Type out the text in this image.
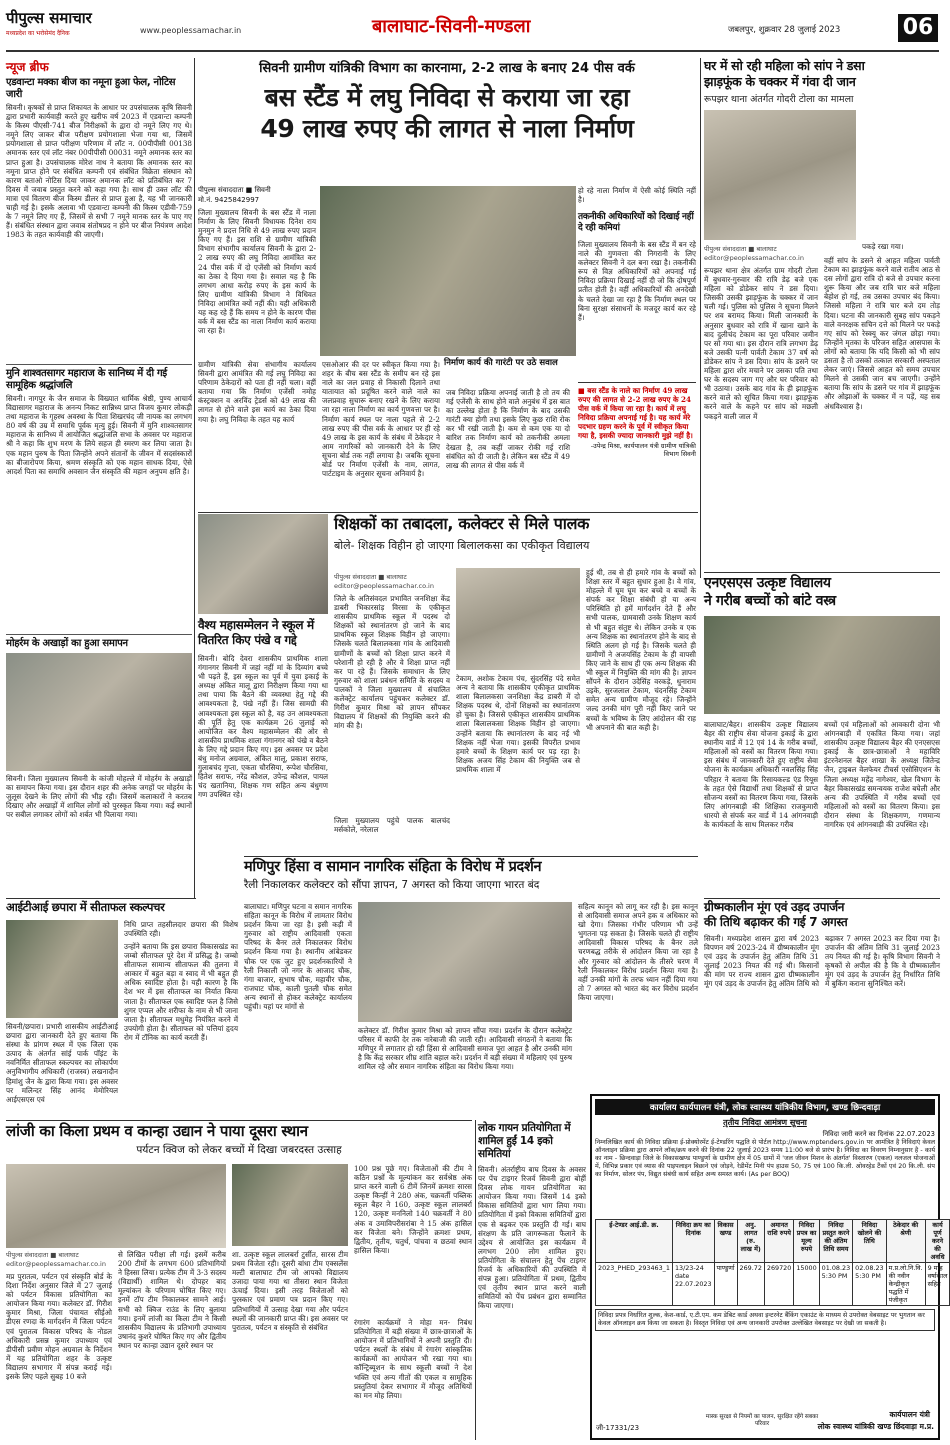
पीपुल्स समाचार
मध्यप्रदेश का भरोसेमंद दैनिक	www.peoplessamachar.in	बालाघाट-सिवनी-मण्डला	जबलपुर, शुक्रवार 28 जुलाई 2023	06
न्यूज ब्रीफ
एडवान्टा मक्का बीज का नमूना हुआ फेल, नोटिस जारी
सिवनी। कृषकों से प्राप्त शिकायत के आधार पर उपसंचालक कृषि सिवनी द्वारा प्रभारी कार्यवाही करते हुए खरीफ वर्ष 2023 में एडवान्टा कम्पनी के किस्म पीएसी-741 बीज निरीक्षकों के द्वारा दो नमूने लिए गए थे। नमूने लिए जाकर बीज परीक्षण प्रयोगशाला भेजा गया था, जिसमें प्रयोगशाला से प्राप्त परीक्षण परिणाम में लॉट न. 00पीपीसी 00138 अमानक स्तर एवं लॉट नंबर 00पीपीसी 00031 नमूने अमानक स्तर का प्राप्त हुआ है। उपसंचालक मोरेश नाथ ने बताया कि अमानक स्तर का नमूना प्राप्त होने पर संबंधित कम्पनी एवं संबंधित विक्रेता संस्थान को कारण बताओ नोटिस दिया जाकर अमानक लॉट को प्रतिबंधित कर 7 दिवस में जवाब प्रस्तुत करने को कहा गया है। साथ ही उक्त लॉट की मात्रा एवं वितरण बीज किस्म डीलर से प्राप्त हुआ है, यह भी जानकारी चाही गई है। इसके अलावा भी एडवान्टा कम्पनी की किस्म एडीवी-759 के 7 नमूने लिए गए हैं, जिसमें से सभी 7 नमूने मानक स्तर के पाए गए हैं। संबंधित संस्थान द्वारा जवाब संतोषप्रद न होने पर बीज नियंत्रण आदेश 1983 के तहत कार्यवाही की जाएगी।
मुनि शाश्वतसागर महाराज के सानिध्य में दी गई सामूहिक श्रद्धांजलि
सिवनी। नागपुर के जैन समाज के विख्यात धार्मिक श्रेष्ठी, पुण्य आचार्य विद्यासागर महाराज के अनन्य निकट सान्निध्य प्राप्त विजय कुमार लोकड़ी तथा महाराज के गृहस्थ अवस्था के पिता शिखरचंद जी नायक का लगभग 80 वर्ष की उम्र में समाधि पूर्वक मृत्यु हुई। सिवनी में मुनि शाश्वतसागर महाराज के सानिध्य में आयोजित श्रद्धांजलि सभा के अवसर पर महाराज श्री ने कहा कि शुभ मरण के लिये सहज ही स्मरण कर लिया जाता है। एक महान पुरुष के पिता जिन्होंने अपने संतानों के जीवन में सदसंस्कारों का बीजारोपण किया, श्रमण संस्कृति को एक महान साधक दिया, ऐसे आदर्श पिता का समाधि अवसान जैन संस्कृति की महान अनुपम क्षति है।
मोहर्रम के अखाड़ों का हुआ समापन
सिवनी। जिला मुख्यालय सिवनी के कांजी मोहल्ले में मोहर्रम के अखाड़ों का समापन किया गया। इस दौरान शहर की अनेक जगहों पर मोहर्रम के जुलूस देखने के लिए लोगों की भीड़ रही। जिसमें कलाकारों ने करतब दिखाए और अखाड़ों में शामिल लोगों को पुरस्कृत किया गया। कई स्थानों पर सबील लगाकर लोगों को शर्बत भी पिलाया गया।
सिवनी ग्रामीण यांत्रिकी विभाग का कारनामा, 2-2 लाख के बनाए 24 पीस वर्क
बस स्टैंड में लघु निविदा से कराया जा रहा
49 लाख रुपए की लागत से नाला निर्माण
पीपुल्स संवाददाता ■ सिवनी
मो.नं. 9425842997
निर्माण कार्य की गारंटी पर उठे सवाल
जिला मुख्यालय सिवनी के बस स्टैंड में नाला निर्माण के लिए सिवनी विधायक दिनेश राय मुनमुन ने प्रदत्त निधि से 49 लाख रुपए प्रदान किए गए हैं। इस राशि से ग्रामीण यांत्रिकी विभाग संभागीय कार्यालय सिवनी के द्वारा 2-2 लाख रुपए की लघु निविदा आमंत्रित कर 24 पीस वर्क में दो एजेंसी को निर्माण कार्य का ठेका दे दिया गया है। सवाल यह है कि लगभग आधा करोड़ रुपए के इस कार्य के लिए ग्रामीण यांत्रिकी विभाग ने विधिवत निविदा आमंत्रित क्यों नहीं की। यही अधिकारी यह कह रहे हैं कि समय न होने के कारण पीस वर्क में बस स्टैंड का नाला निर्माण कार्य कराया जा रहा है।
ग्रामीण यांत्रिकी सेवा संभागीय कार्यालय सिवनी द्वारा आमंत्रित की गई लघु निविदा का परिणाम ठेकेदारों को पता ही नहीं चला। वहीं बताया गया कि निर्माण एजेंसी नमोह कंस्ट्रक्शन व अरविंद ट्रेडर्स को 49 लाख की लागत से होने वाले इस कार्य का ठेका दिया गया है। लघु निविदा के तहत यह कार्य
एसओआर की दर पर स्वीकृत किया गया है। शहर के बीच बस स्टैंड के समीप बन रहे इस नाले का जल प्रवाह से निकासी दिलाने तथा यातायात को प्रदूषित करने वाले नाले का जलप्रवाह सुचारू बनाए रखने के लिए कराया जा रहा नाला निर्माण का कार्य गुणवत्ता पर है। निर्माण कार्य स्थल पर नाला पहले से 2-2 लाख रुपए की पीस वर्क के आधार पर ही रहे 49 लाख के इस कार्य के संबंध में ठेकेदार ने आम नागरिकों को जानकारी देने के लिए सूचना बोर्ड तक नहीं लगाया है। जबकि सूचना बोर्ड पर निर्माण एजेंसी के नाम, लागत, पार्टटाइम के अनुसार सूचना अनिवार्य है।
जब निविदा प्रक्रिया अपनाई जाती है तो तय की गई एजेंसी के साथ होने वाले अनुबंध में इस बात का उल्लेख होता है कि निर्माण के बाद उसकी गारंटी क्या होगी तथा इसके लिए कुछ राशि रोक कर भी रखी जाती है। कम से कम एक या दो बारिश तक निर्माण कार्य को तकनीकी अमला देखता है, तब कहीं जाकर रोकी गई राशि संबंधित को दी जाती है। लेकिन बस स्टैंड में 49 लाख की लागत से पीस वर्क में
हो रहे नाला निर्माण में ऐसी कोई स्थिति नहीं है।
तकनीकी अधिकारियों को दिखाई नहीं दे रही कमियां
जिला मुख्यालय सिवनी के बस स्टैंड में बन रहे नाले की गुणवत्ता की निगरानी के लिए कलेक्टर सिवनी ने दल बना रखा है। तकनीकी रूप से विज्ञ अधिकारियों को अपनाई गई निविदा प्रक्रिया दिखाई नहीं दी जो कि दोषपूर्ण प्रतीत होती है। वहीं अधिकारियों की अनदेखी के चलते देखा जा रहा है कि निर्माण स्थल पर बिना सुरक्षा संसाधनों के मजदूर कार्य कर रहे हैं।
■ बस स्टैंड के नाले का निर्माण 49 लाख रुपए की लागत से 2-2 लाख रुपए के 24 पीस वर्क में किया जा रहा है। कार्य में लघु निविदा प्रक्रिया अपनाई गई है। यह कार्य मेरे पदभार ग्रहण करने के पूर्व में स्वीकृत किया गया है, इसकी ज्यादा जानकारी मुझे नहीं है।
-उपेन्द्र मिश्रा, कार्यपालन यंत्री ग्रामीण यांत्रिकी विभाग सिवनी
घर में सो रही महिला को सांप ने डसा
झाड़फूंक के चक्कर में गंवा दी जान
रूपझर थाना अंतर्गत गोदरी टोला का मामला
editor@peoplessamachar.co.in
पीपुल्स संवाददाता ■ बालाघाट	पकड़े रखा गया।
रूपझर थाना क्षेत्र अंतर्गत ग्राम गोदरी टोला में बुधवार-गुरुवार की रात्रि डेढ़ बजे एक महिला को डोडेकर सांप ने डस दिया। जिसकी उसकी झाड़फूंक के चक्कर में जान चली गई। पुलिस को पुलिस ने सूचना मिलने पर शव बरामद किया। मिली जानकारी के अनुसार बुधवार को रात्रि में खाना खाने के बाद दुलीचंद टेकाम का पूरा परिवार जमीन पर सो गया था। इस दौरान रात्रि लगभग डेढ़ बजे उसकी पत्नी पार्वती टेकाम 37 वर्ष को डोडेकर सांप ने डस दिया। सांप के डसने पर महिला द्वारा शोर मचाने पर उसका पति तथा घर के सदस्य जाग गए और घर परिवार को भी उठाया। उसके बाद गांव के ही झाड़फूंक करने वाले को सूचित किया गया। झाड़फूंक करने वाले के कहने पर सांप को मछली पकड़ने वाली जाल में
वहीं सांप के डसने से आहत महिला पार्वती टेकाम का झाड़फूंक करने वाले रातीय आठ से दस लोगों द्वारा रात्रि दो बजे से उपचार करना शुरू किया और जब रात्रि चार बजे महिला बेहोश हो गई, तब उसका उपचार बंद किया। जिससे महिला ने रात्रि चार बजे दम तोड़ दिया। घटना की जानकारी सुबह सांप पकड़ने वाले वनरक्षक सचिन दत्ते को मिलने पर पकड़े गए सांप को रेस्क्यू कर जंगल छोड़ा गया। जिन्होंने मृतका के परिजन सहित आसपास के लोगों को बताया कि यदि किसी को भी सांप डसता है तो उसको तत्काल सरकारी अस्पताल लेकर जाएं। जिससे आहत को समय उपचार मिलने से उसकी जान बच जाएगी। उन्होंने बताया कि सांप के डसने पर गांव में झाड़फूंक और ओझाओं के चक्कर में न पड़ें, यह सब अंधविश्वास है।
शिक्षकों का तबादला, कलेक्टर से मिले पालक
बोले- शिक्षक विहीन हो जाएगा बिलालकसा का एकीकृत विद्यालय
पीपुल्स संवाददाता ■ बालाघाट
editor@peoplessamachar.co.in
जिले के अतिसंवदल प्रभावित जनशिक्षा केंद्र डाबरी भिकारसांड़ विरसा के एकीकृत शासकीय प्राथमिक स्कूल में पदस्थ दो शिक्षकों को स्थानांतरण हो जाने के बाद प्राथमिक स्कूल शिक्षक विहीन हो जाएगा। जिसके चलते बिलालकसा गांव के आदिवासी ग्रामीणों के बच्चों को शिक्षा प्राप्त करने में परेशानी हो रही है और वे शिक्षा प्राप्त नहीं कर पा रहे हैं। जिसके समाधान के लिए गुरुवार को शाला प्रबंधन समिति के सदस्य व पालकों ने जिला मुख्यालय में संचालित कलेक्ट्रेट कार्यालय पहुंचकर कलेक्टर डॉ. गिरीश कुमार मिश्रा को ज्ञापन सौंपकर विद्यालय में शिक्षकों की नियुक्ति करने की मांग की है।
जिला मुख्यालय पहुंचे पालक बालचंद मर्सकोले, नरेलाल
टेकाम, अशोक टेकाम पंच, सुंदरसिंह पंदे समेत अन्य ने बताया कि शासकीय एकीकृत प्राथमिक शाला बिलालकसा जनशिक्षा केंद्र डाबरी में दो शिक्षक पदस्थ थे, दोनों शिक्षकों का स्थानांतरण हो चुका है। जिससे एकीकृत शासकीय प्राथमिक शाला बिलालकसा शिक्षक विहीन हो जाएगा। उन्होंने बताया कि स्थानांतरण के बाद नई भी शिक्षक नहीं भेजा गया। इसकी विपरीत प्रभाव हमारे बच्चों के शिक्षण कार्य पर पड़ रहा है। शिक्षक अजय सिंह टेकाम की नियुक्ति जब से प्राथमिक शाला में
हुई थी, तब से ही हमारे गांव के बच्चों को शिक्षा स्तर में बहुत सुधार हुआ है। वे गांव, मोहल्ले में घूम घूम कर बच्चे व बच्चों के संपर्क कर शिक्षा संबंधी हो या अन्य परिस्थिति हो हमें मार्गदर्शन देते हैं और सभी पालक, ग्रामवासी उनके शिक्षण कार्य से भी बहुत संतुष्ट थे। लेकिन उनके व एक अन्य शिक्षक का स्थानांतरण होने के बाद से स्थिति अलग हो गई है। जिसके चलते ही ग्रामीणों ने अजयसिंह टेकाम के ही वापसी किए जाने के साथ ही एक अन्य शिक्षक की भी स्कूल में नियुक्ति की मांग की है। ज्ञापन सौंपने के दौरान उदेसिंह वरकड़े, धुनाराम उइके, सुरजलाल टेकाम, चंदनसिंह टेकाम समेत अन्य ग्रामीण मौजूद रहे। जिन्होंने जल्द उनकी मांग पूरी नहीं किए जाने पर बच्चों के भविष्य के लिए आंदोलन की राह भी अपनाने की बात कही है।
वैश्य महासम्मेलन ने स्कूल में वितरित किए पंखे व गद्दे
सिवनी। बोदि देवरा शासकीय प्राथमिक शाला गंगानगर सिवनी में जहां नहीं मां के दिव्यांग बच्चे भी पढ़ते हैं, इस स्कूल का पूर्व में युवा इकाई के अध्यक्ष अंकित मालू द्वारा निरीक्षण किया गया था तथा पाया कि बैठने की व्यवस्था हेतु गद्दे की आवश्यकता है, पंखे नहीं हैं। जिस सामग्री की आवश्यकता इस स्कूल को है, वह उन आवश्यकता की पूर्ति हेतु एक कार्यक्रम 26 जुलाई को आयोजित कर वैश्य महासम्मेलन की ओर से शासकीय प्राथमिक शाला गंगानगर को पंखे व बैठने के लिए गद्दे प्रदान किए गए। इस अवसर पर प्रदेश बंधु मनोज अग्रवाल, अंकित मालू, प्रकाश सराफ, गुलाबचंद गुप्ता, एकता चौरसिया, रूपेश चौरसिया, हितेश सराफ, नरेंद्र कौशल, उपेन्द्र कौशल, पायल चंद खतानिया, शिक्षक गण सहित अन्य बंधुगण गण उपस्थित रहे।
एनएसएस उत्कृष्ट विद्यालय
ने गरीब बच्चों को बांटे वस्त्र
बालाघाट/बैहर। शासकीय उत्कृष्ट विद्यालय बैहर की राष्ट्रीय सेवा योजना इकाई के द्वारा स्थानीय वार्ड में 12 एवं 14 के गरीब बच्चों, महिलाओं को वस्त्रों का वितरण किया गया। इस संबंध में जानकारी देते हुए राष्ट्रीय सेवा योजना के कार्यक्रम अधिकारी नवलसिंह सिंह परिहार ने बताया कि रिसायकल्ड एंड रियूस के तहत ऐसे विद्यार्थी तथा शिक्षकों से प्राप्त सौजन्य वस्त्रों का वितरण किया गया, जिसके लिए आंगनबाड़ी की शिक्षिका राजकुमारी धारयो से संपर्क कर वार्ड में 14 आंगनवाड़ी के कार्यकर्ता के साथ मिलकर गरीब
बच्चों एवं महिलाओं को आवकारी दोना भी आंगनबाड़ी में एकत्रित किया गया। जहां शासकीय उत्कृष्ट विद्यालय बैहर की एनएसएस इकाई के छात्र-छात्राओं ने महाविरि इंटरनेशनल बैहर शाखा के अध्यक्ष जितेन्द्र जैन, ट्राइबल वेलफेयर टीचर्स एसोसिएशन के जिला अध्यक्ष महेंद्र नागेश्वर, खेल विभाग के बैहर विकासखंड समन्वयक राजेश बघेली और अन्य की उपस्थिति में गरीब बच्चों एवं महिलाओं को वस्त्रों का वितरण किया। इस दौरान संस्था के शिक्षकगण, गणमान्य नागरिक एवं आंगनबाड़ी की उपस्थित रहे।
आईटीआई छपारा में सीताफल स्कल्पचर
सिवनी/छपारा। प्रभारी शासकीय आईटीआई छपारा द्वारा जानकारी देते हुए बताया कि संस्था के प्रांगण स्थल में एक जिला एक उत्पाद के अंतर्गत सांई पार्क पॉइंट के नवनिर्मित सीताफल स्कल्पचर का लोकार्पण अनुविभागीय अधिकारी (राजस्व) लखनादौन हिमांशु जैन के द्वारा किया गया। इस अवसर पर मलिन्दर सिंह आनंद मेमोरियल आईएसएस एवं
निधि प्राप्त तहसीलदार छपारा की विशेष उपस्थिति रही।
उन्होंने बताया कि इस छपारा विकासखंड का जम्बो सीताफल पूरे देश में प्रसिद्ध है। जम्बो सीताफल सामान्य सीताफल की तुलना में आकार में बहुत बड़ा व स्वाद में भी बहुत ही अधिक स्वादिष्ट होता है। यही कारण है कि देश भर में इस सीताफल का निर्यात किया जाता है। सीताफल एक स्वादिष्ट फल है जिसे शुगर एप्पल और शरीफा के नाम से भी जाना जाता है। सीताफल मधुमेह नियंत्रित करने में उपयोगी होता है। सीताफल को पत्तियां हृदय रोग में टॉनिक का कार्य करती हैं।
मणिपुर हिंसा व सामान नागरिक संहिता के विरोध में प्रदर्शन
रैली निकालकर कलेक्टर को सौंपा ज्ञापन, 7 अगस्त को किया जाएगा भारत बंद
बालाघाट। मणिपुर घटना व समान नागरिक संहिता कानून के विरोध में लामतार विरोध प्रदर्शन किया जा रहा है। इसी कड़ी में गुरुवार को राष्ट्रीय आदिवासी एकता परिषद के बैनर तले निकालकर विरोध प्रदर्शन किया गया है। स्थानीय आंबेडकर चौक पर एक जुट हुए प्रदर्शनकारियों ने रैली निकाली जो नगर के आजाद चौक, गंगा बाजार, सुभाष चौक, महावीर चौक, राजघाट चौक, काली पुतली चौक समेत अन्य स्थानों से होकर कलेक्ट्रेट कार्यालय पहुंची। यहां पर मांगों से
कलेक्टर डॉ. गिरीश कुमार मिश्रा को ज्ञापन सौंपा गया। प्रदर्शन के दौरान कलेक्ट्रेट परिसर में काफी देर तक नारेबाजी की जाती रही। आदिवासी संगठनों ने बताया कि मणिपुर में लगातार हो रही हिंसा से आदिवासी समाज पूरा आहत है और उनकी मांग है कि केंद्र सरकार शीघ्र शांति बहाल करे। प्रदर्शन में बड़ी संख्या में महिलाएं एवं पुरुष शामिल रहे और समान नागरिक संहिता का विरोध किया गया।
सहित्य कानून को लागू कर रही है। इस कानून से आदिवासी समाज अपने हक व अधिकार को खो देगा। जिसका गंभीर परिणाम भी उन्हें भुगतना पड़ सकता है। जिसके चलते ही राष्ट्रीय आदिवासी विकास परिषद के बैनर तले चरणबद्ध तरीके से आंदोलन किया जा रहा है और गुरुवार को आंदोलन के तीसरे चरण में रैली निकालकर विरोध प्रदर्शन किया गया है। वहीं उनकी मांगों के तरफ ध्यान नहीं दिया गया तो 7 अगस्त को भारत बंद कर विरोध प्रदर्शन किया जाएगा।
ग्रीष्मकालीन मूंग एवं उड़द उपार्जन
की तिथि बढ़ाकर की गई 7 अगस्त
सिवनी। मध्यप्रदेश शासन द्वारा वर्ष 2023 विपणन वर्ष 2023-24 में ग्रीष्मकालीन मूंग एवं उड़द के उपार्जन हेतु अंतिम तिथि 31 जुलाई 2023 नियत की गई थी। किसानों की मांग पर राज्य शासन द्वारा ग्रीष्मकालीन मूंग एवं उड़द के उपार्जन हेतु अंतिम तिथि को बढ़ाकर 7 अगस्त 2023 कर दिया गया है। उपार्जन की अंतिम तिथि 31 जुलाई 2023 तय नियत की गई है। कृषि विभाग सिवनी ने कृषकों से अपील की है कि वे ग्रीष्मकालीन मूंग एवं उड़द के उपार्जन हेतु निर्धारित तिथि में बुकिंग कराना सुनिश्चित करें।
लांजी का किला प्रथम व कान्हा उद्यान ने पाया दूसरा स्थान
पर्यटन क्विज को लेकर बच्चों में दिखा जबरदस्त उत्साह
पीपुल्स संवाददाता ■ बालाघाट
editor@peoplessamachar.co.in
मप्र पुरातत्व, पर्यटन एवं संस्कृति बोर्ड के दिशा निर्देश अनुसार जिले में 27 जुलाई को पर्यटन विकास प्रतियोगिता का आयोजन किया गया। कलेक्टर डॉ. गिरीश कुमार मिश्रा, जिला पंचायत सीईओ डीएस रणदा के मार्गदर्शन में जिला पर्यटन एवं पुरातत्व विकास परिषद के नोडल अधिकारी प्रसन्न कुमार उपाध्याय एवं डीपीसी प्रवीण मोहन अग्रवाल के निर्देशन में यह प्रतियोगिता शहर के उत्कृष्ट विद्यालय सभागार में संपन्न कराई गई। इसके लिए पहले सुबह 10 बजे
से लिखित परीक्षा ली गई। इसमें करीब 200 टीमों के लगभग 600 प्रतिभागियों ने हिस्सा लिया। प्रत्येक टीम में 3-3 सदस्य (विद्यार्थी) शामिल थे। दोपहर बाद मूल्यांकन के परिणाम घोषित किए गए। इनमें टॉप टीम निकालकर सामने आई। सभी को क्विज राउंड के लिए बुलाया गया। इनमें लांजी का किला टीम ने किसी शासकीय विद्यालय के प्रतिभागी उपाध्याय उषानंद कुशरे घोषित किए गए और द्वितीय स्थान पर कान्हा उद्यान दूसरे स्थान पर
शा. उत्कृष्ट स्कूल लालबर्रा टुर्सीत, सारस टीम प्रथम विजेता रही। दूसरी बांधा टीम एक्सलेंस मल्टी बालाघाट टीम जो आपको विद्यालय उजादा पाया गया था तीसरा स्थान विजेता ऊंचाई दिया। इसी तरह विजेताओं को पुरस्कार एवं प्रमाण पत्र प्रदान किए गए। प्रतिभागियों में उत्साह देखा गया और पर्यटन स्थलों की जानकारी प्राप्त की। इस अवसर पर पुरातत्व, पर्यटन व संस्कृति से संबंधित
100 प्रश्न पूछे गए। विजेताओं की टीम ने कठिन प्रश्नों के मूल्यांकन कर सर्वश्रेष्ठ अंक प्राप्त करने वाली 6 टीमें जिनमें क्रमशः सारस उत्कृष्ट किन्हीं ने 280 अंक, चक्रवर्ती पब्लिक स्कूल बैहर ने 160, उत्कृष्ट स्कूल लालबर्रा 120, उत्कृष्ट मननिलो 140 चक्रवर्ती ने 80 अंक व उमाविपरीसरांबा ने 15 अंक हासिल कर विजेता बने। जिन्होंने क्रमशः प्रथम, द्वितीय, तृतीय, चतुर्थ, पांचवा व छठवां स्थान हासिल किया।
रंगारंग कार्यक्रमों ने मोहा मन- निबंध प्रतियोगिता में बड़ी संख्या में छात्र-छात्राओं के आयोजन में प्रतिभागियों ने अपनी प्रस्तुति दी। पर्यटन स्थलों के संबंध में रंगारंग सांस्कृतिक कार्यक्रमों का आयोजन भी रखा गया था। कॉन्ट्रिब्यूशन के साथ स्कूली बच्चों ने देश भक्ति एवं अन्य गीतों की एकल व सामूहिक प्रस्तुतियां देकर सभागार में मौजूद अतिथियों का मन मोह लिया।
लोक गायन प्रतियोगिता में शामिल हुईं 14 इको समितियां
सिवनी। अंतर्राष्ट्रीय बाघ दिवस के अवसर पर पेंच टाइगर रिजर्व सिवनी द्वारा बोहीं दिवस लोक गायन प्रतियोगिता का आयोजन किया गया। जिसमें 14 इको विकास समितियों द्वारा भाग लिया गया। प्रतियोगिता में इको विकास समितियों द्वारा एक से बढ़कर एक प्रस्तुति दी गई। बाघ संरक्षण के प्रति जागरूकता फैलाने के उद्देश्य से आयोजित इस कार्यक्रम में लगभग 200 लोग शामिल हुए। प्रतियोगिता के संचालन हेतु पेंच टाइगर रिजर्व के अधिकारियों की उपस्थिति में संपन्न हुआ। प्रतियोगिता में प्रथम, द्वितीय एवं तृतीय स्थान प्राप्त करने वाली समितियों को पेंच प्रबंधन द्वारा सम्मानित किया जाएगा।
कार्यालय कार्यपालन यंत्री, लोक स्वास्थ्य यांत्रिकीय विभाग, खण्ड छिन्दवाड़ा
तृतीय निविदा आमंत्रण सूचना
निविदा जारी करने का दिनांक 22.07.2023
निम्नलिखित कार्य की निविदा प्रक्रिया ई-प्रोक्योरमेंट ई-टेण्डरिंग पद्धति से पोर्टल http://www.mptenders.gov.in पर आमंत्रित है निविदाएं केवल ऑनलाइन प्रक्रिया द्वारा आपने लॉक/क्रय करने की दिनांक 22 जुलाई 2023 समय 11:00 बजे से प्रारंभ है। निविदा का विवरण निम्नानुसार है - कार्य का नाम - छिन्दवाड़ा जिले के विकासखण्ड पाण्डुर्णा के ग्रामीण क्षेत्र में 05 ग्रामों में 'जल जीवन मिशन के अंतर्गत' विस्तारण (एकल) नलजल योजनाओं में, विभिन्न प्रकार एवं व्यास की पाइपलाइन बिछाने एवं जोड़ने, रेडीमेंट मिनी पंप हाउस 50, 75 एवं 100 कि.ली. ओवरहेड टैंकों एवं 20 कि.ली. संप का निर्माण, सोलर पंप, विद्युत संबंधी कार्य सहित अन्य समस्त कार्य। (As per BOQ)
ई-टेण्डर आई.डी. क्र.	निविदा क्रय का दिनांक	विकास खण्ड	अनु. लागत (रु. लाख में)	अमानत राशि रुपये	निविदा प्रपत्र का मूल्य रुपये	निविदा प्रस्तुत करने की अंतिम तिथि समय	निविदा खोलने की तिथि	ठेकेदार की श्रेणी	कार्य पूर्ण करने की अवधि
2023_PHED_293463_1	13/23-24 date 22.07.2023	पाण्डुर्णा	269.72	269720	15000	01.08.23 5:30 PM	02.08.23 5:30 PM	म.प्र.लो.नि.वि. की नवीन केन्द्रीकृत पद्धति में पंजीकृत	9 माह वर्षाकाल सहित
निविदा प्रपत्र निर्धारित शुल्क, केश-कार्ड, ए.टी.एम. कम डेबिट कार्ड अथवा इन्टरनेट बैंकिंग एकाउंट के माध्यम से उपरोक्त वेबसाइट पर भुगतान कर केवल ऑनलाइन क्रय किया जा सकता है। विस्तृत निविदा एवं अन्य जानकारी उपरोक्त उल्लेखित वेबसाइट पर देखी जा सकती है।
मास्क सुरक्षा से नियमों का पालन, सुरक्षित रहेंगे सबका परिवार
कार्यपालन यंत्री
लोक स्वास्थ्य यांत्रिकी खण्ड छिंदवाड़ा म.प्र.
जी-17331/23
